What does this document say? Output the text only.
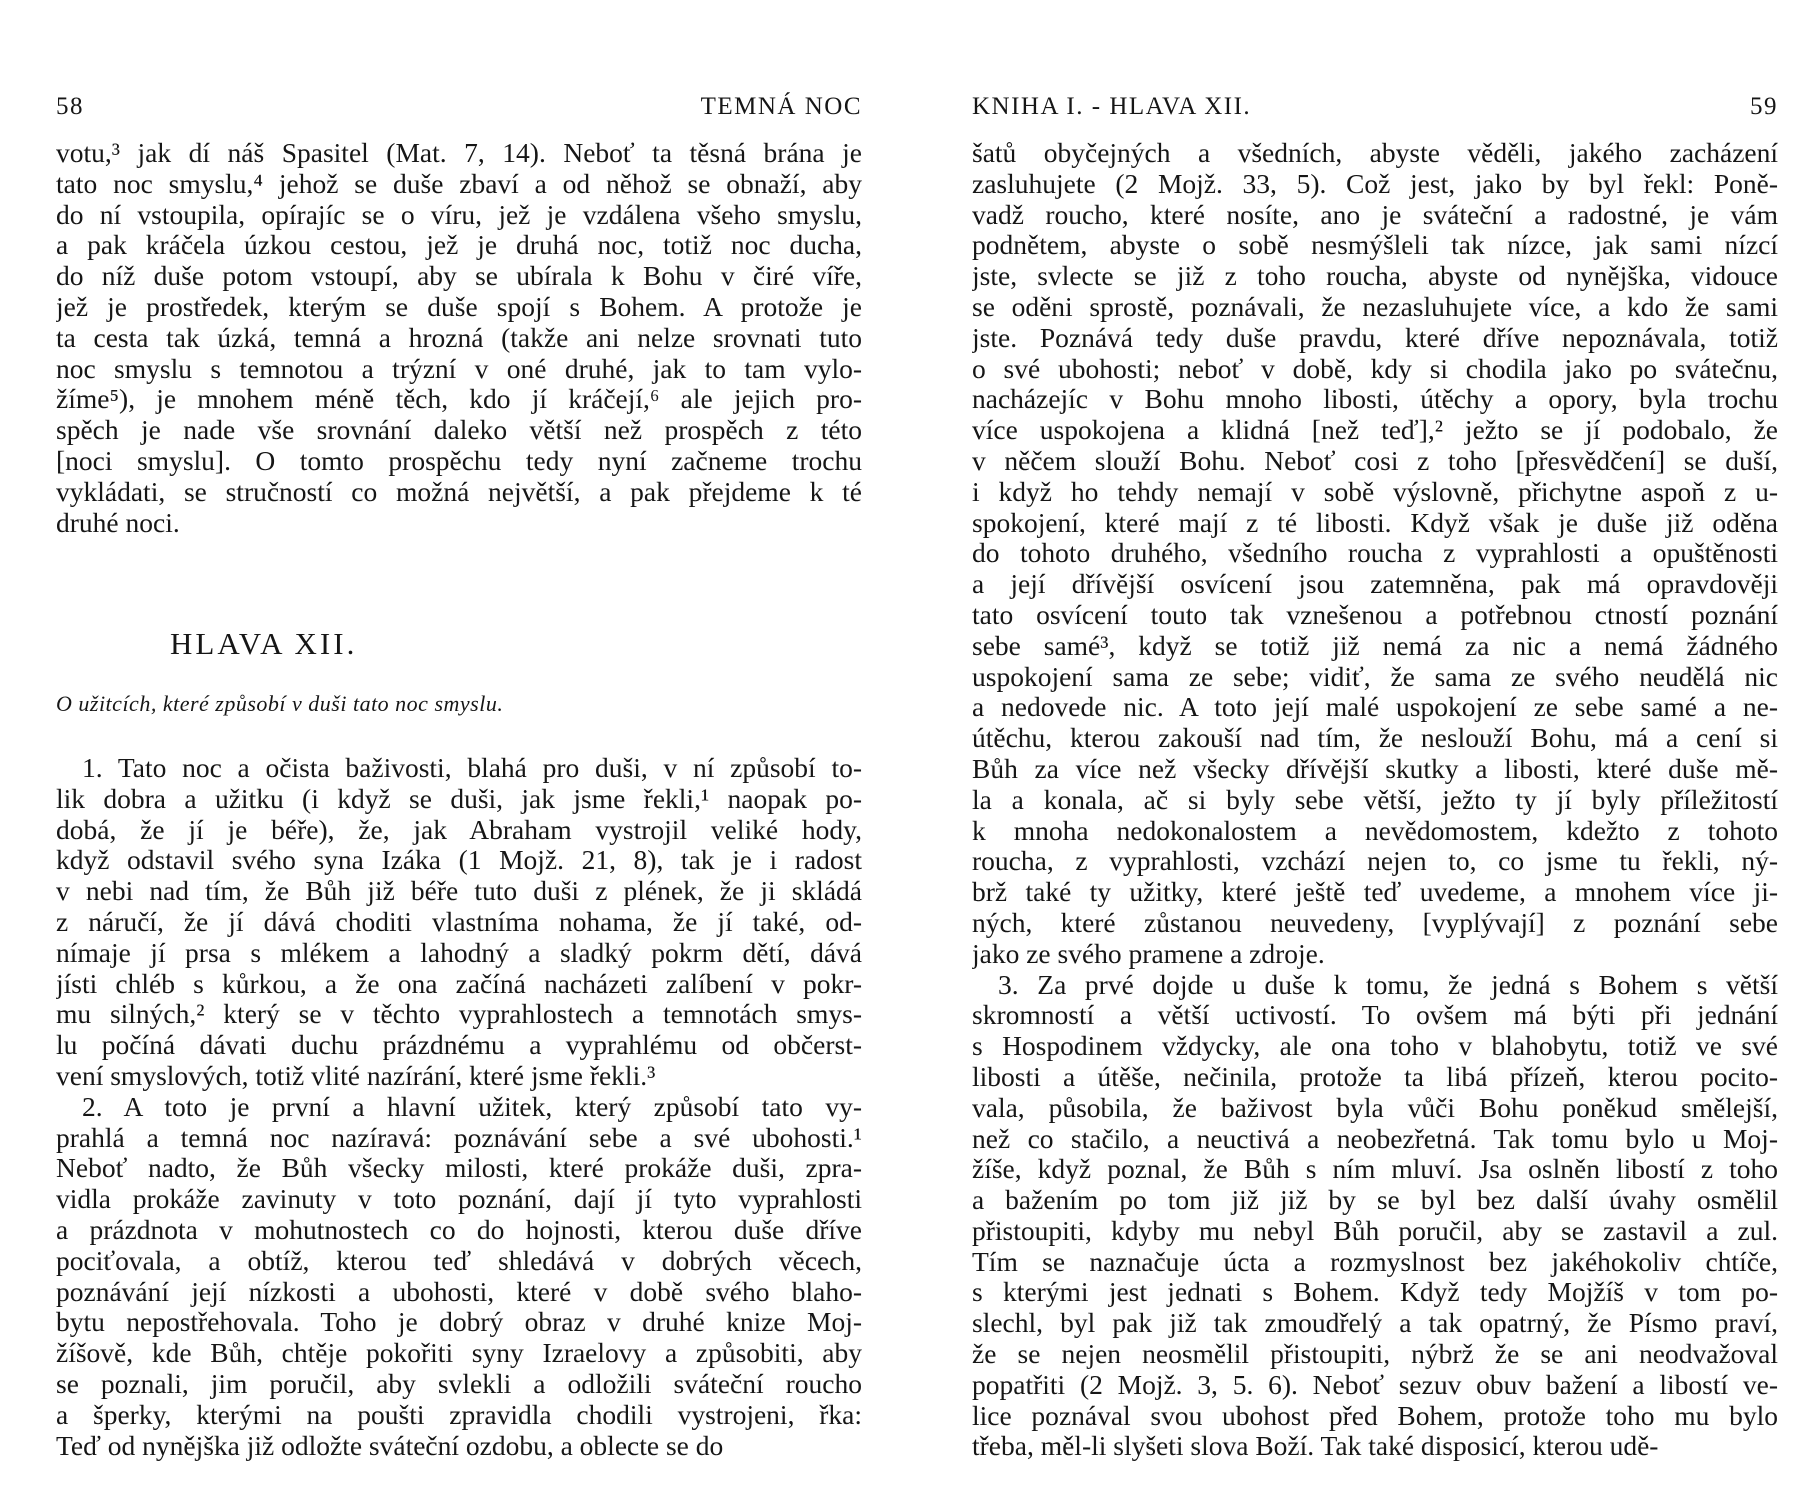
58	TEMNÁ NOC
votu,³ jak dí náš Spasitel (Mat. 7, 14). Neboť ta těsná brána je
tato noc smyslu,⁴ jehož se duše zbaví a od něhož se obnaží, aby
do ní vstoupila, opírajíc se o víru, jež je vzdálena všeho smyslu,
a pak kráčela úzkou cestou, jež je druhá noc, totiž noc ducha,
do níž duše potom vstoupí, aby se ubírala k Bohu v čiré víře,
jež je prostředek, kterým se duše spojí s Bohem. A protože je
ta cesta tak úzká, temná a hrozná (takže ani nelze srovnati tuto
noc smyslu s temnotou a trýzní v oné druhé, jak to tam vylo-
žíme⁵), je mnohem méně těch, kdo jí kráčejí,⁶ ale jejich pro-
spěch je nade vše srovnání daleko větší než prospěch z této
[noci smyslu]. O tomto prospěchu tedy nyní začneme trochu
vykládati, se stručností co možná největší, a pak přejdeme k té
druhé noci.
HLAVA XII.
O užitcích, které způsobí v duši tato noc smyslu.
1. Tato noc a očista baživosti, blahá pro duši, v ní způsobí to-
lik dobra a užitku (i když se duši, jak jsme řekli,¹ naopak po-
dobá, že jí je béře), že, jak Abraham vystrojil veliké hody,
když odstavil svého syna Izáka (1 Mojž. 21, 8), tak je i radost
v nebi nad tím, že Bůh již béře tuto duši z plének, že ji skládá
z náručí, že jí dává choditi vlastníma nohama, že jí také, od-
nímaje jí prsa s mlékem a lahodný a sladký pokrm dětí, dává
jísti chléb s kůrkou, a že ona začíná nacházeti zalíbení v pokr-
mu silných,² který se v těchto vyprahlostech a temnotách smys-
lu počíná dávati duchu prázdnému a vyprahlému od občerst-
vení smyslových, totiž vlité nazírání, které jsme řekli.³
2. A toto je první a hlavní užitek, který způsobí tato vy-
prahlá a temná noc nazíravá: poznávání sebe a své ubohosti.¹
Neboť nadto, že Bůh všecky milosti, které prokáže duši, zpra-
vidla prokáže zavinuty v toto poznání, dají jí tyto vyprahlosti
a prázdnota v mohutnostech co do hojnosti, kterou duše dříve
pociťovala, a obtíž, kterou teď shledává v dobrých věcech,
poznávání její nízkosti a ubohosti, které v době svého blaho-
bytu nepostřehovala. Toho je dobrý obraz v druhé knize Moj-
žíšově, kde Bůh, chtěje pokořiti syny Izraelovy a způsobiti, aby
se poznali, jim poručil, aby svlekli a odložili sváteční roucho
a šperky, kterými na poušti zpravidla chodili vystrojeni, řka:
Teď od nynějška již odložte sváteční ozdobu, a oblecte se do
KNIHA I. - HLAVA XII.	59
šatů obyčejných a všedních, abyste věděli, jakého zacházení
zasluhujete (2 Mojž. 33, 5). Což jest, jako by byl řekl: Poně-
vadž roucho, které nosíte, ano je sváteční a radostné, je vám
podnětem, abyste o sobě nesmýšleli tak nízce, jak sami nízcí
jste, svlecte se již z toho roucha, abyste od nynějška, vidouce
se oděni sprostě, poznávali, že nezasluhujete více, a kdo že sami
jste. Poznává tedy duše pravdu, které dříve nepoznávala, totiž
o své ubohosti; neboť v době, kdy si chodila jako po svátečnu,
nacházejíc v Bohu mnoho libosti, útěchy a opory, byla trochu
více uspokojena a klidná [než teď],² ježto se jí podobalo, že
v něčem slouží Bohu. Neboť cosi z toho [přesvědčení] se duší,
i když ho tehdy nemají v sobě výslovně, přichytne aspoň z u-
spokojení, které mají z té libosti. Když však je duše již oděna
do tohoto druhého, všedního roucha z vyprahlosti a opuštěnosti
a její dřívější osvícení jsou zatemněna, pak má opravdověji
tato osvícení touto tak vznešenou a potřebnou ctností poznání
sebe samé³, když se totiž již nemá za nic a nemá žádného
uspokojení sama ze sebe; vidiť, že sama ze svého neudělá nic
a nedovede nic. A toto její malé uspokojení ze sebe samé a ne-
útěchu, kterou zakouší nad tím, že neslouží Bohu, má a cení si
Bůh za více než všecky dřívější skutky a libosti, které duše mě-
la a konala, ač si byly sebe větší, ježto ty jí byly příležitostí
k mnoha nedokonalostem a nevědomostem, kdežto z tohoto
roucha, z vyprahlosti, vzchází nejen to, co jsme tu řekli, ný-
brž také ty užitky, které ještě teď uvedeme, a mnohem více ji-
ných, které zůstanou neuvedeny, [vyplývají] z poznání sebe
jako ze svého pramene a zdroje.
3. Za prvé dojde u duše k tomu, že jedná s Bohem s větší
skromností a větší uctivostí. To ovšem má býti při jednání
s Hospodinem vždycky, ale ona toho v blahobytu, totiž ve své
libosti a útěše, nečinila, protože ta libá přízeň, kterou pocito-
vala, působila, že baživost byla vůči Bohu poněkud smělejší,
než co stačilo, a neuctivá a neobezřetná. Tak tomu bylo u Moj-
žíše, když poznal, že Bůh s ním mluví. Jsa oslněn libostí z toho
a bažením po tom již již by se byl bez další úvahy osmělil
přistoupiti, kdyby mu nebyl Bůh poručil, aby se zastavil a zul.
Tím se naznačuje úcta a rozmyslnost bez jakéhokoliv chtíče,
s kterými jest jednati s Bohem. Když tedy Mojžíš v tom po-
slechl, byl pak již tak zmoudřelý a tak opatrný, že Písmo praví,
že se nejen neosmělil přistoupiti, nýbrž že se ani neodvažoval
popatřiti (2 Mojž. 3, 5. 6). Neboť sezuv obuv bažení a libostí ve-
lice poznával svou ubohost před Bohem, protože toho mu bylo
třeba, měl-li slyšeti slova Boží. Tak také disposicí, kterou udě-
